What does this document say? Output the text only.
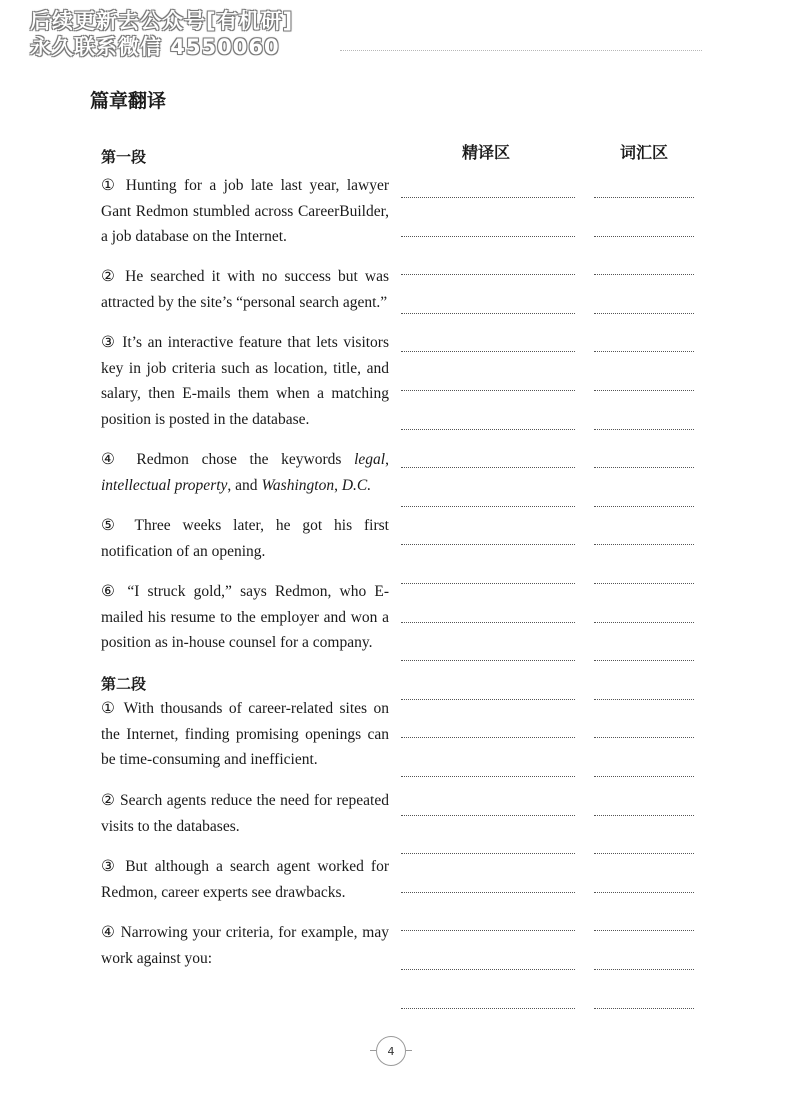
后续更新去公众号[有机研]
永久联系微信 4550060
篇章翻译
精译区	词汇区
第一段
① Hunting for a job late last year, lawyer Gant Redmon stumbled across CareerBuilder, a job database on the Internet.
② He searched it with no success but was attracted by the site’s “personal search agent.”
③ It’s an interactive feature that lets visitors key in job criteria such as location, title, and salary, then E-mails them when a matching position is posted in the database.
④ Redmon chose the keywords legal, intellectual property, and Washington, D.C.
⑤ Three weeks later, he got his first notification of an opening.
⑥ “I struck gold,” says Redmon, who E-mailed his resume to the employer and won a position as in-house counsel for a company.
第二段
① With thousands of career-related sites on the Internet, finding promising openings can be time-consuming and inefficient.
② Search agents reduce the need for repeated visits to the databases.
③ But although a search agent worked for Redmon, career experts see drawbacks.
④ Narrowing your criteria, for example, may work against you:
4
